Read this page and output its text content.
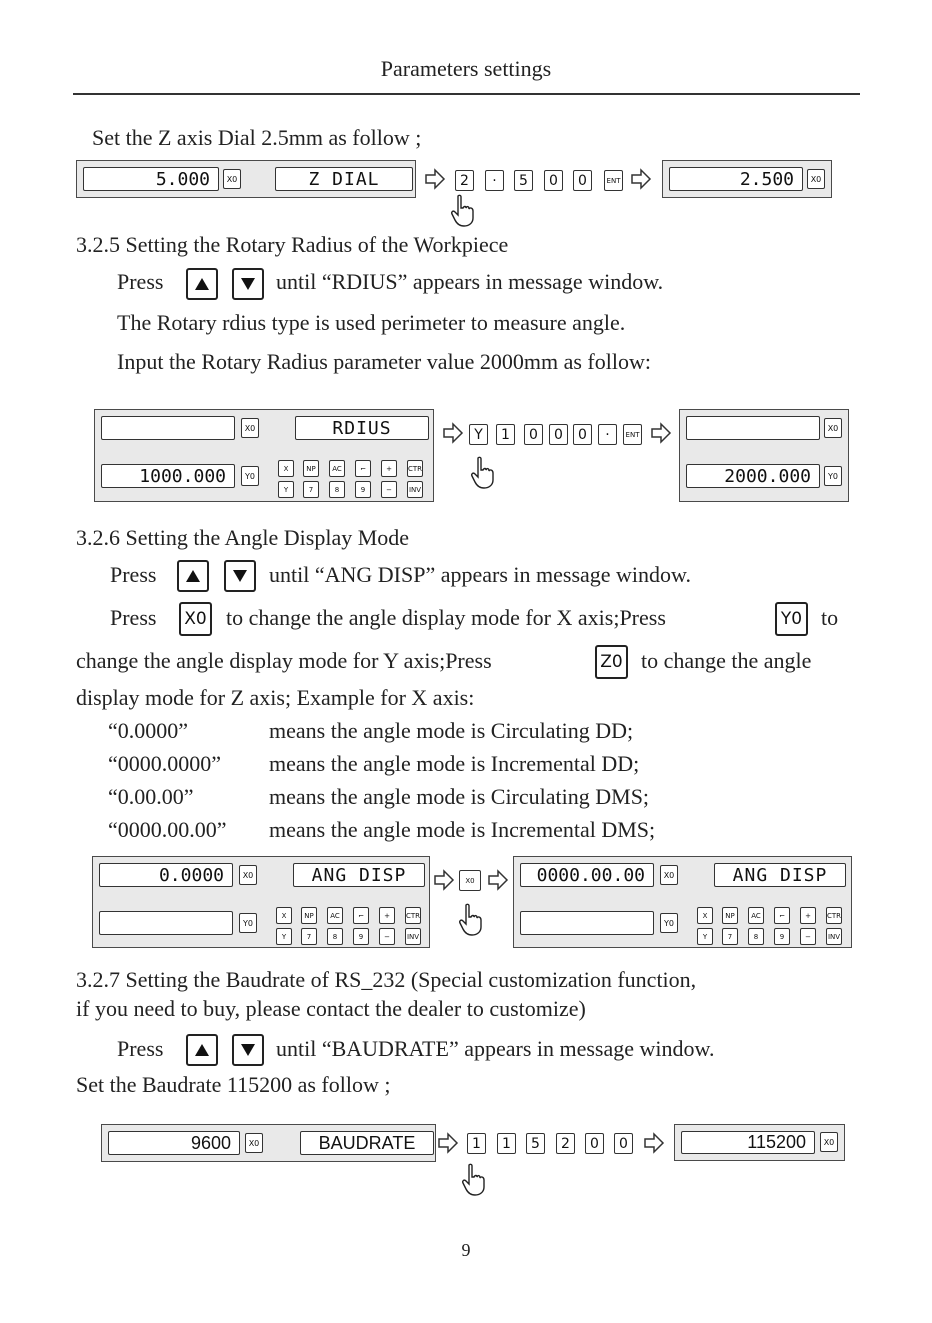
Parameters settings
Set the Z axis Dial 2.5mm as follow ;
5.000	X0	Z DIAL	2	·	5	0	0	ENT	2.500	X0
3.2.5 Setting the Rotary Radius of the Workpiece
Press	until “RDIUS” appears in message window.
The Rotary rdius type is used perimeter to measure angle.
Input the Rotary Radius parameter value 2000mm as follow:
X0	RDIUS
1000.000	Y0
X	NP	AC	⌐	+	CTR
Y	7	8	9	−	INV
Y	1	0	0	0	·	ENT
X0
2000.000	Y0
3.2.6 Setting the Angle Display Mode
Press	until “ANG DISP” appears in message window.
Press	X0 to change the angle display mode for X axis;Press	Y0 to
change the angle display mode for Y axis;Press	Z0 to change the angle
display mode for Z axis; Example for X axis:
“0.0000”	means the angle mode is Circulating DD;
“0000.0000” means the angle mode is Incremental DD;
“0.00.00”	means the angle mode is Circulating DMS;
“0000.00.00” means the angle mode is Incremental DMS;
0.0000	X0	ANG DISP
Y0
X	NP	AC	⌐	+	CTR
Y	7	8	9	−	INV
X0	0000.00.00	X0	ANG DISP
Y0
X	NP	AC	⌐	+	CTR
Y	7	8	9	−	INV
3.2.7 Setting the Baudrate of RS_232 (Special customization function,
if you need to buy, please contact the dealer to customize)
Press	until “BAUDRATE” appears in message window.
Set the Baudrate 115200 as follow ;
9600	X0	BAUDRATE	1	1	5	2	0	0	115200	X0
9
